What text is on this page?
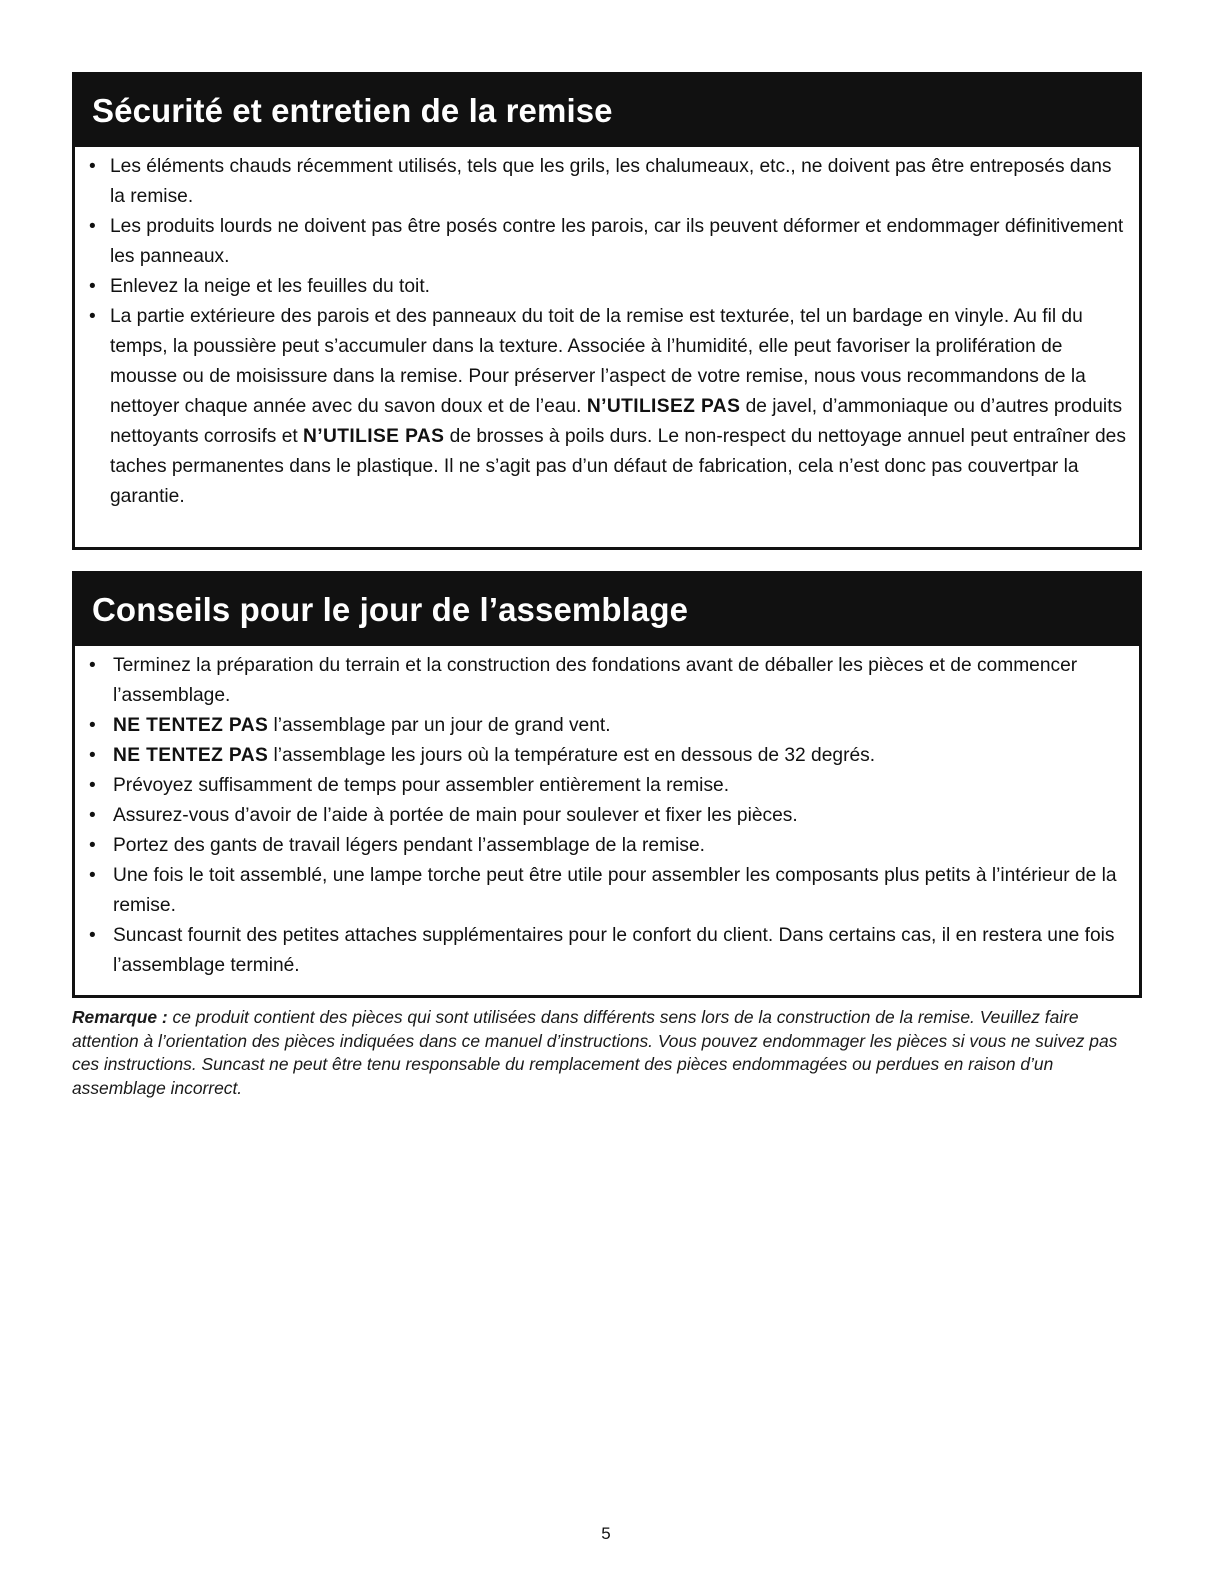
Sécurité et entretien de la remise
• Les éléments chauds récemment utilisés, tels que les grils, les chalumeaux, etc., ne doivent pas être entreposés dans la remise.
• Les produits lourds ne doivent pas être posés contre les parois, car ils peuvent déformer et endommager définitivement les panneaux.
• Enlevez la neige et les feuilles du toit.
• La partie extérieure des parois et des panneaux du toit de la remise est texturée, tel un bardage en vinyle. Au fil du temps, la poussière peut s’accumuler dans la texture. Associée à l’humidité, elle peut favoriser la prolifération de mousse ou de moisissure dans la remise. Pour préserver l’aspect de votre remise, nous vous recommandons de la nettoyer chaque année avec du savon doux et de l’eau. N’UTILISEZ PAS de javel, d’ammoniaque ou d’autres produits nettoyants corrosifs et N’UTILISE PAS de brosses à poils durs. Le non-respect du nettoyage annuel peut entraîner des taches permanentes dans le plastique. Il ne s’agit pas d’un défaut de fabrication, cela n’est donc pas couvertpar la garantie.
Conseils pour le jour de l’assemblage
• Terminez la préparation du terrain et la construction des fondations avant de déballer les pièces et de commencer l’assemblage.
• NE TENTEZ PAS l’assemblage par un jour de grand vent.
• NE TENTEZ PAS l’assemblage les jours où la température est en dessous de 32 degrés.
• Prévoyez suffisamment de temps pour assembler entièrement la remise.
• Assurez-vous d’avoir de l’aide à portée de main pour soulever et fixer les pièces.
• Portez des gants de travail légers pendant l’assemblage de la remise.
• Une fois le toit assemblé, une lampe torche peut être utile pour assembler les composants plus petits à l’intérieur de la remise.
• Suncast fournit des petites attaches supplémentaires pour le confort du client. Dans certains cas, il en restera une fois l’assemblage terminé.
Remarque : ce produit contient des pièces qui sont utilisées dans différents sens lors de la construction de la remise. Veuillez faire attention à l’orientation des pièces indiquées dans ce manuel d’instructions. Vous pouvez endommager les pièces si vous ne suivez pas ces instructions. Suncast ne peut être tenu responsable du remplacement des pièces endommagées ou perdues en raison d’un assemblage incorrect.
5
